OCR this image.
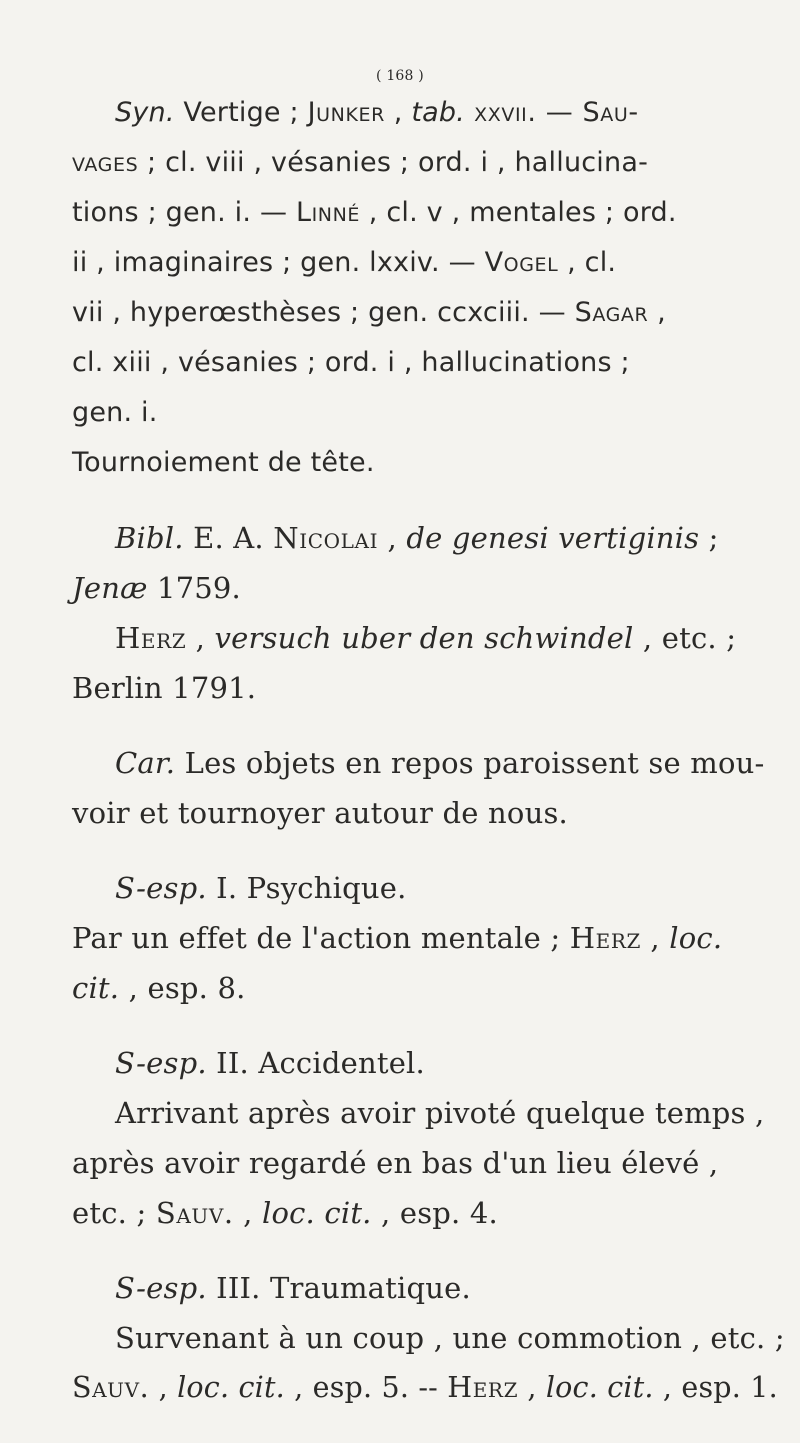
( 168 )
Syn. Vertige ; Junker , tab. xxvii. — Sau-
vages ; cl. viii , vésanies ; ord. i , hallucina-
tions ; gen. i. — Linné , cl. v , mentales ; ord.
ii , imaginaires ; gen. lxxiv. — Vogel , cl.
vii , hyperœsthèses ; gen. ccxciii. — Sagar ,
cl. xiii , vésanies ; ord. i , hallucinations ;
gen. i.
Tournoiement de tête.
Bibl. E. A. Nicolai , de genesi vertiginis ;
Jenæ 1759.
Herz , versuch uber den schwindel , etc. ;
Berlin 1791.
Car. Les objets en repos paroissent se mou-
voir et tournoyer autour de nous.
S-esp. I. Psychique.
Par un effet de l'action mentale ; Herz , loc.
cit. , esp. 8.
S-esp. II. Accidentel.
Arrivant après avoir pivoté quelque temps ,
après avoir regardé en bas d'un lieu élevé ,
etc. ; Sauv. , loc. cit. , esp. 4.
S-esp. III. Traumatique.
Survenant à un coup , une commotion , etc. ;
Sauv. , loc. cit. , esp. 5. -- Herz , loc. cit. , esp. 1.
